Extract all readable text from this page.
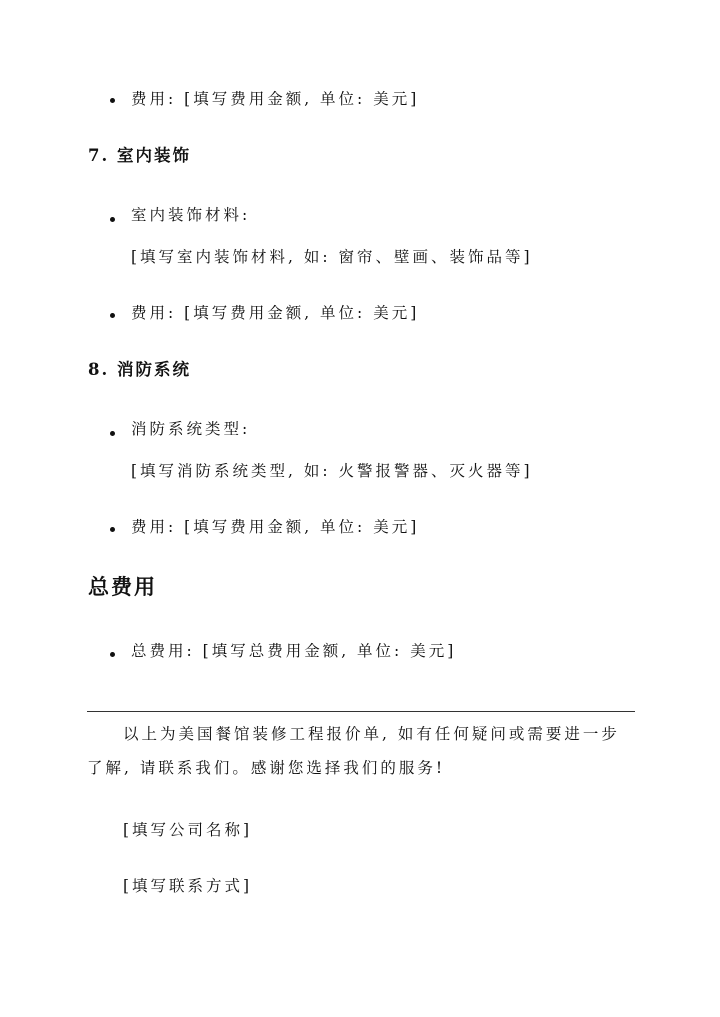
费用: [填写费用金额, 单位: 美元]
7. 室内装饰
室内装饰材料:
[填写室内装饰材料, 如: 窗帘、壁画、装饰品等]
费用: [填写费用金额, 单位: 美元]
8. 消防系统
消防系统类型:
[填写消防系统类型, 如: 火警报警器、灭火器等]
费用: [填写费用金额, 单位: 美元]
总费用
总费用: [填写总费用金额, 单位: 美元]
以上为美国餐馆装修工程报价单, 如有任何疑问或需要进一步了解, 请联系我们。感谢您选择我们的服务!
[填写公司名称]
[填写联系方式]
